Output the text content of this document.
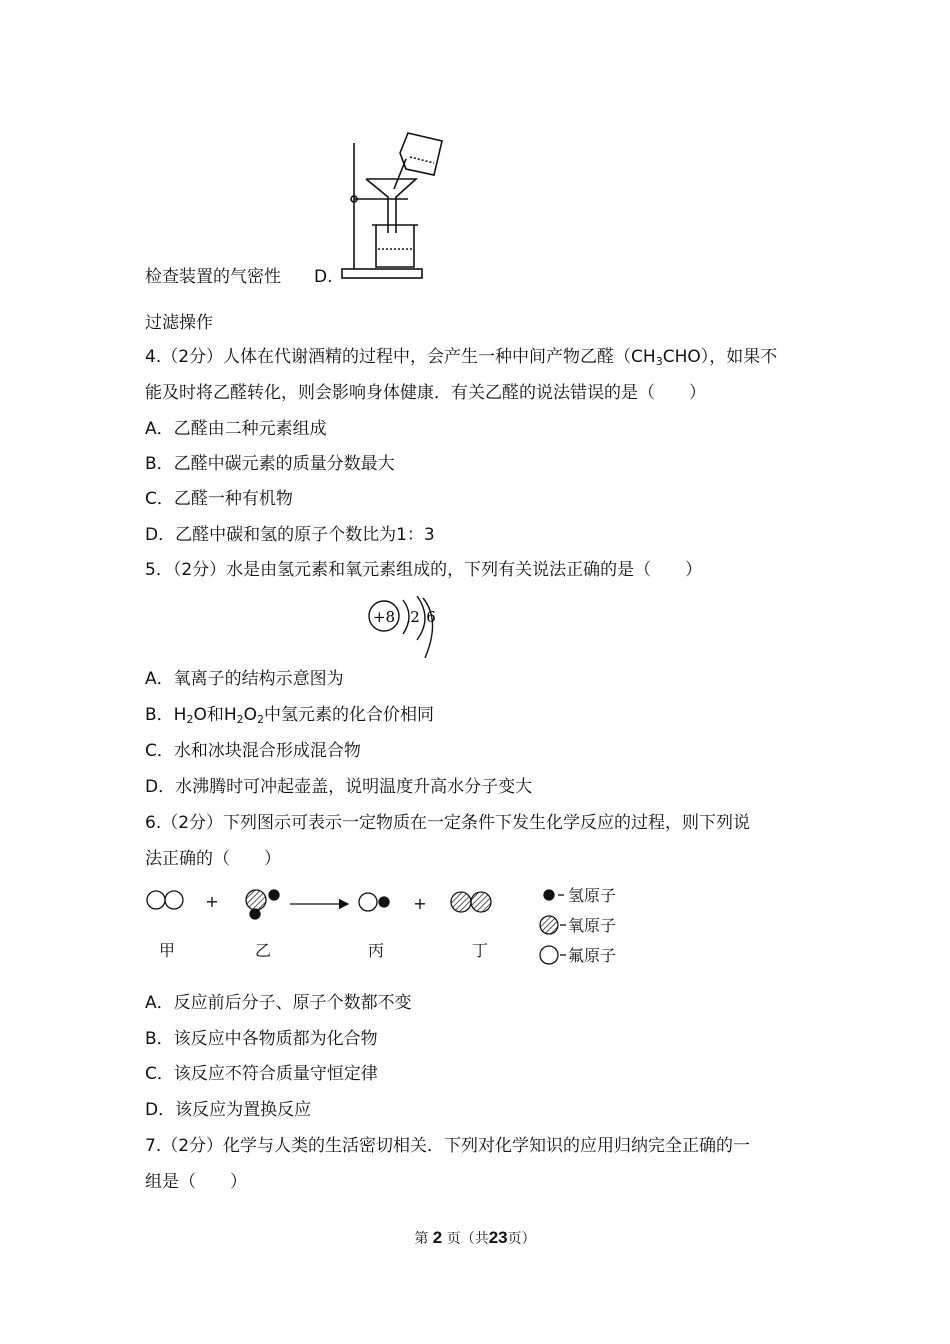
检查装置的气密性 D.
过滤操作
4.（2分）人体在代谢酒精的过程中，会产生一种中间产物乙醛$(CH_3CHO)$，如果不
能及时将乙醛转化，则会影响身体健康．有关乙醛的说法错误的是（　　）
A．乙醛由二种元素组成
B．乙醛中碳元素的质量分数最大
C．乙醛一种有机物
D．乙醛中碳和氢的原子个数比为1：3
5．（2分）水是由氢元素和氧元素组成的，下列有关说法正确的是（　　）
+8 2 6
A．氧离子的结构示意图为
B．$H_2O$和$H_2O_2$中氢元素的化合价相同
C．水和冰块混合形成混合物
D．水沸腾时可冲起壶盖，说明温度升高水分子变大
6.（2分）下列图示可表示一定物质在一定条件下发生化学反应的过程，则下列说
法正确的（　　）
+	+
甲	乙	丙	丁
氢原子
氧原子
氟原子
A．反应前后分子、原子个数都不变
B．该反应中各物质都为化合物
C．该反应不符合质量守恒定律
D．该反应为置换反应
7.（2分）化学与人类的生活密切相关．下列对化学知识的应用归纳完全正确的一
组是（　　）
第 2 页（共23页）
